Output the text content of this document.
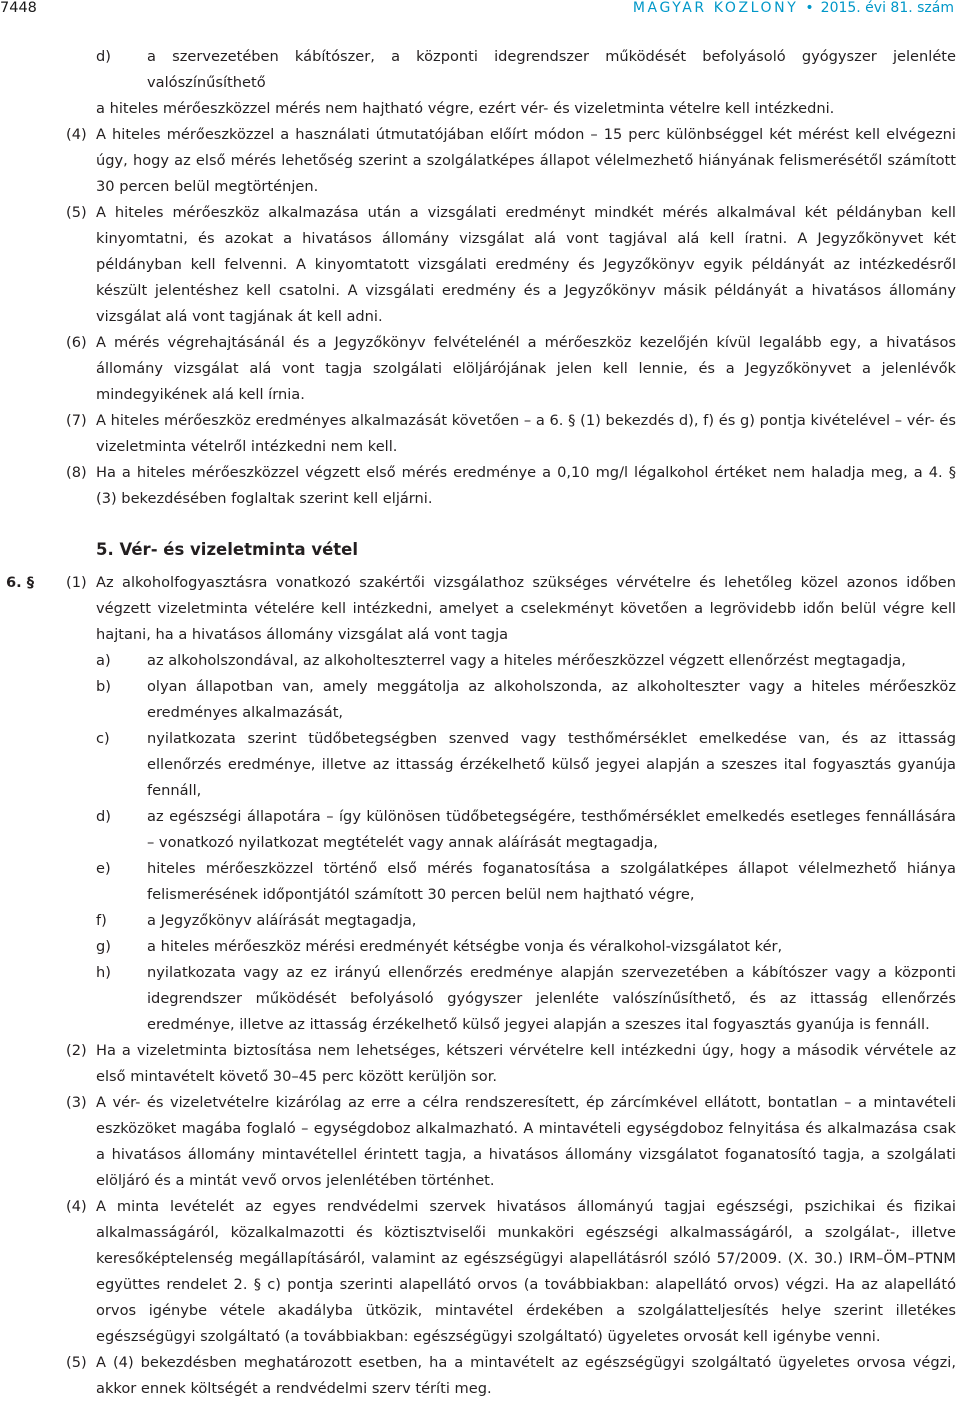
7448	MAGYAR KÖZLÖNY • 2015. évi 81. szám
d) a szervezetében kábítószer, a központi idegrendszer működését befolyásoló gyógyszer jelenléte valószínűsíthető
a hiteles mérőeszközzel mérés nem hajtható végre, ezért vér- és vizeletminta vételre kell intézkedni.
(4) A hiteles mérőeszközzel a használati útmutatójában előírt módon – 15 perc különbséggel két mérést kell elvégezni úgy, hogy az első mérés lehetőség szerint a szolgálatképes állapot vélelmezhető hiányának felismerésétől számított 30 percen belül megtörténjen.
(5) A hiteles mérőeszköz alkalmazása után a vizsgálati eredményt mindkét mérés alkalmával két példányban kell kinyomtatni, és azokat a hivatásos állomány vizsgálat alá vont tagjával alá kell íratni. A Jegyzőkönyvet két példányban kell felvenni. A kinyomtatott vizsgálati eredmény és Jegyzőkönyv egyik példányát az intézkedésről készült jelentéshez kell csatolni. A vizsgálati eredmény és a Jegyzőkönyv másik példányát a hivatásos állomány vizsgálat alá vont tagjának át kell adni.
(6) A mérés végrehajtásánál és a Jegyzőkönyv felvételénél a mérőeszköz kezelőjén kívül legalább egy, a hivatásos állomány vizsgálat alá vont tagja szolgálati elöljárójának jelen kell lennie, és a Jegyzőkönyvet a jelenlévők mindegyikének alá kell írnia.
(7) A hiteles mérőeszköz eredményes alkalmazását követően – a 6. § (1) bekezdés d), f) és g) pontja kivételével – vér- és vizeletminta vételről intézkedni nem kell.
(8) Ha a hiteles mérőeszközzel végzett első mérés eredménye a 0,10 mg/l légalkohol értéket nem haladja meg, a 4. § (3) bekezdésében foglaltak szerint kell eljárni.
5. Vér- és vizeletminta vétel
6. § (1) Az alkoholfogyasztásra vonatkozó szakértői vizsgálathoz szükséges vérvételre és lehetőleg közel azonos időben végzett vizeletminta vételére kell intézkedni, amelyet a cselekményt követően a legrövidebb időn belül végre kell hajtani, ha a hivatásos állomány vizsgálat alá vont tagja
a) az alkoholszondával, az alkoholteszterrel vagy a hiteles mérőeszközzel végzett ellenőrzést megtagadja,
b) olyan állapotban van, amely meggátolja az alkoholszonda, az alkoholteszter vagy a hiteles mérőeszköz eredményes alkalmazását,
c)	nyilatkozata szerint tüdőbetegségben szenved vagy testhőmérséklet emelkedése van, és az ittasság ellenőrzés eredménye, illetve az ittasság érzékelhető külső jegyei alapján a szeszes ital fogyasztás gyanúja fennáll,
d) az egészségi állapotára – így különösen tüdőbetegségére, testhőmérséklet emelkedés esetleges fennállására – vonatkozó nyilatkozat megtételét vagy annak aláírását megtagadja,
e) hiteles mérőeszközzel történő első mérés foganatosítása a szolgálatképes állapot vélelmezhető hiánya felismerésének időpontjától számított 30 percen belül nem hajtható végre,
f)	a Jegyzőkönyv aláírását megtagadja,
g) a hiteles mérőeszköz mérési eredményét kétségbe vonja és véralkohol-vizsgálatot kér,
h) nyilatkozata vagy az ez irányú ellenőrzés eredménye alapján szervezetében a kábítószer vagy a központi idegrendszer működését befolyásoló gyógyszer jelenléte valószínűsíthető, és az ittasság ellenőrzés eredménye, illetve az ittasság érzékelhető külső jegyei alapján a szeszes ital fogyasztás gyanúja is fennáll.
(2) Ha a vizeletminta biztosítása nem lehetséges, kétszeri vérvételre kell intézkedni úgy, hogy a második vérvétele az első mintavételt követő 30–45 perc között kerüljön sor.
(3) A vér- és vizeletvételre kizárólag az erre a célra rendszeresített, ép zárcímkével ellátott, bontatlan – a mintavételi eszközöket magába foglaló – egységdoboz alkalmazható. A mintavételi egységdoboz felnyitása és alkalmazása csak a hivatásos állomány mintavétellel érintett tagja, a hivatásos állomány vizsgálatot foganatosító tagja, a szolgálati elöljáró és a mintát vevő orvos jelenlétében történhet.
(4) A minta levételét az egyes rendvédelmi szervek hivatásos állományú tagjai egészségi, pszichikai és fizikai alkalmasságáról, közalkalmazotti és köztisztviselői munkaköri egészségi alkalmasságáról, a szolgálat-, illetve keresőképtelenség megállapításáról, valamint az egészségügyi alapellátásról szóló 57/2009. (X. 30.) IRM–ÖM–PTNM együttes rendelet 2. § c) pontja szerinti alapellátó orvos (a továbbiakban: alapellátó orvos) végzi. Ha az alapellátó orvos igénybe vétele akadályba ütközik, mintavétel érdekében a szolgálatteljesítés helye szerint illetékes egészségügyi szolgáltató (a továbbiakban: egészségügyi szolgáltató) ügyeletes orvosát kell igénybe venni.
(5) A (4) bekezdésben meghatározott esetben, ha a mintavételt az egészségügyi szolgáltató ügyeletes orvosa végzi, akkor ennek költségét a rendvédelmi szerv téríti meg.
